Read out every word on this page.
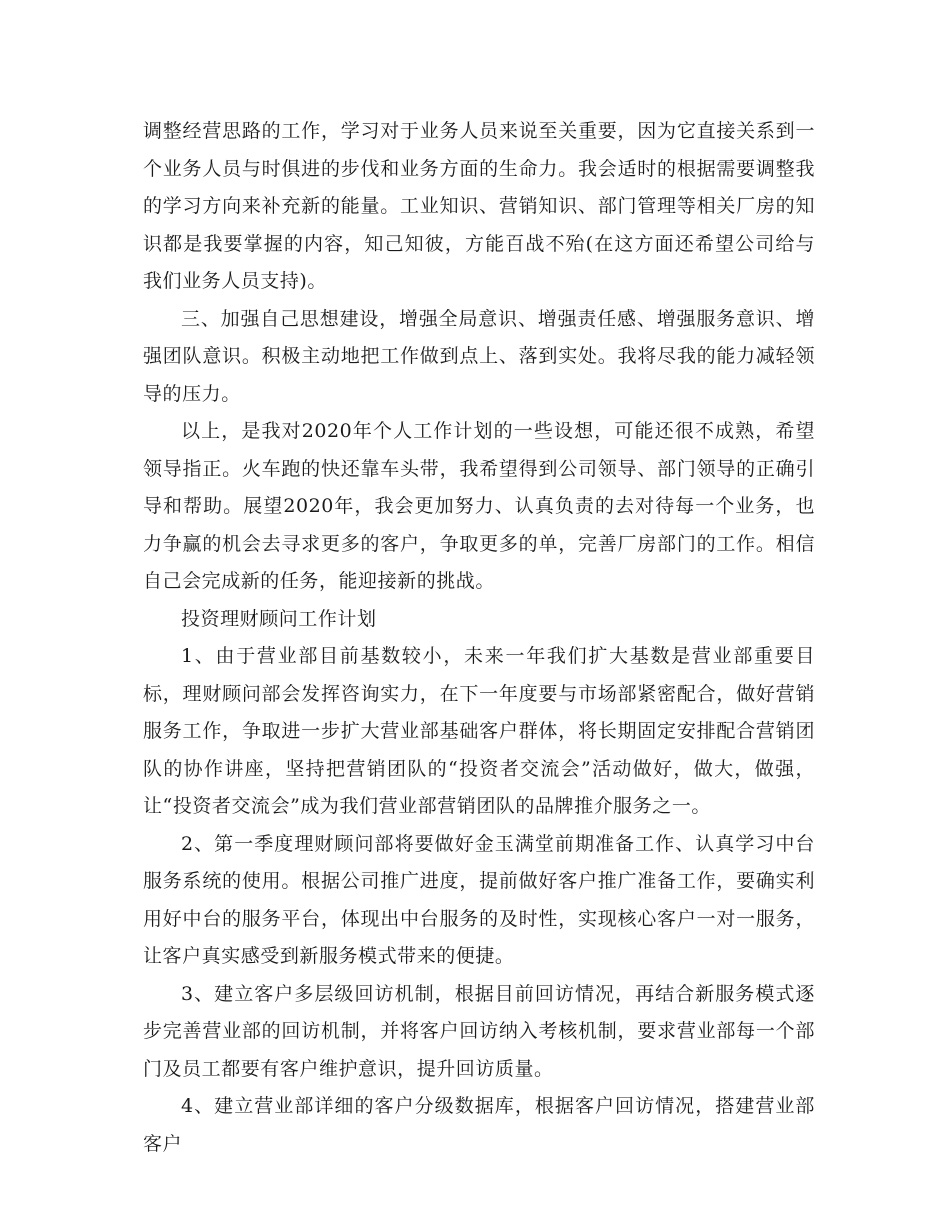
调整经营思路的工作，学习对于业务人员来说至关重要，因为它直接关系到一个业务人员与时俱进的步伐和业务方面的生命力。我会适时的根据需要调整我的学习方向来补充新的能量。工业知识、营销知识、部门管理等相关厂房的知识都是我要掌握的内容，知己知彼，方能百战不殆(在这方面还希望公司给与我们业务人员支持)。

三、加强自己思想建设，增强全局意识、增强责任感、增强服务意识、增强团队意识。积极主动地把工作做到点上、落到实处。我将尽我的能力减轻领导的压力。

以上，是我对2020年个人工作计划的一些设想，可能还很不成熟，希望领导指正。火车跑的快还靠车头带，我希望得到公司领导、部门领导的正确引导和帮助。展望2020年，我会更加努力、认真负责的去对待每一个业务，也力争赢的机会去寻求更多的客户，争取更多的单，完善厂房部门的工作。相信自己会完成新的任务，能迎接新的挑战。

投资理财顾问工作计划

1、由于营业部目前基数较小，未来一年我们扩大基数是营业部重要目标，理财顾问部会发挥咨询实力，在下一年度要与市场部紧密配合，做好营销服务工作，争取进一步扩大营业部基础客户群体，将长期固定安排配合营销团队的协作讲座，坚持把营销团队的“投资者交流会”活动做好，做大，做强，让“投资者交流会”成为我们营业部营销团队的品牌推介服务之一。

2、第一季度理财顾问部将要做好金玉满堂前期准备工作、认真学习中台服务系统的使用。根据公司推广进度，提前做好客户推广准备工作，要确实利用好中台的服务平台，体现出中台服务的及时性，实现核心客户一对一服务，让客户真实感受到新服务模式带来的便捷。

3、建立客户多层级回访机制，根据目前回访情况，再结合新服务模式逐步完善营业部的回访机制，并将客户回访纳入考核机制，要求营业部每一个部门及员工都要有客户维护意识，提升回访质量。

4、建立营业部详细的客户分级数据库，根据客户回访情况，搭建营业部客户
